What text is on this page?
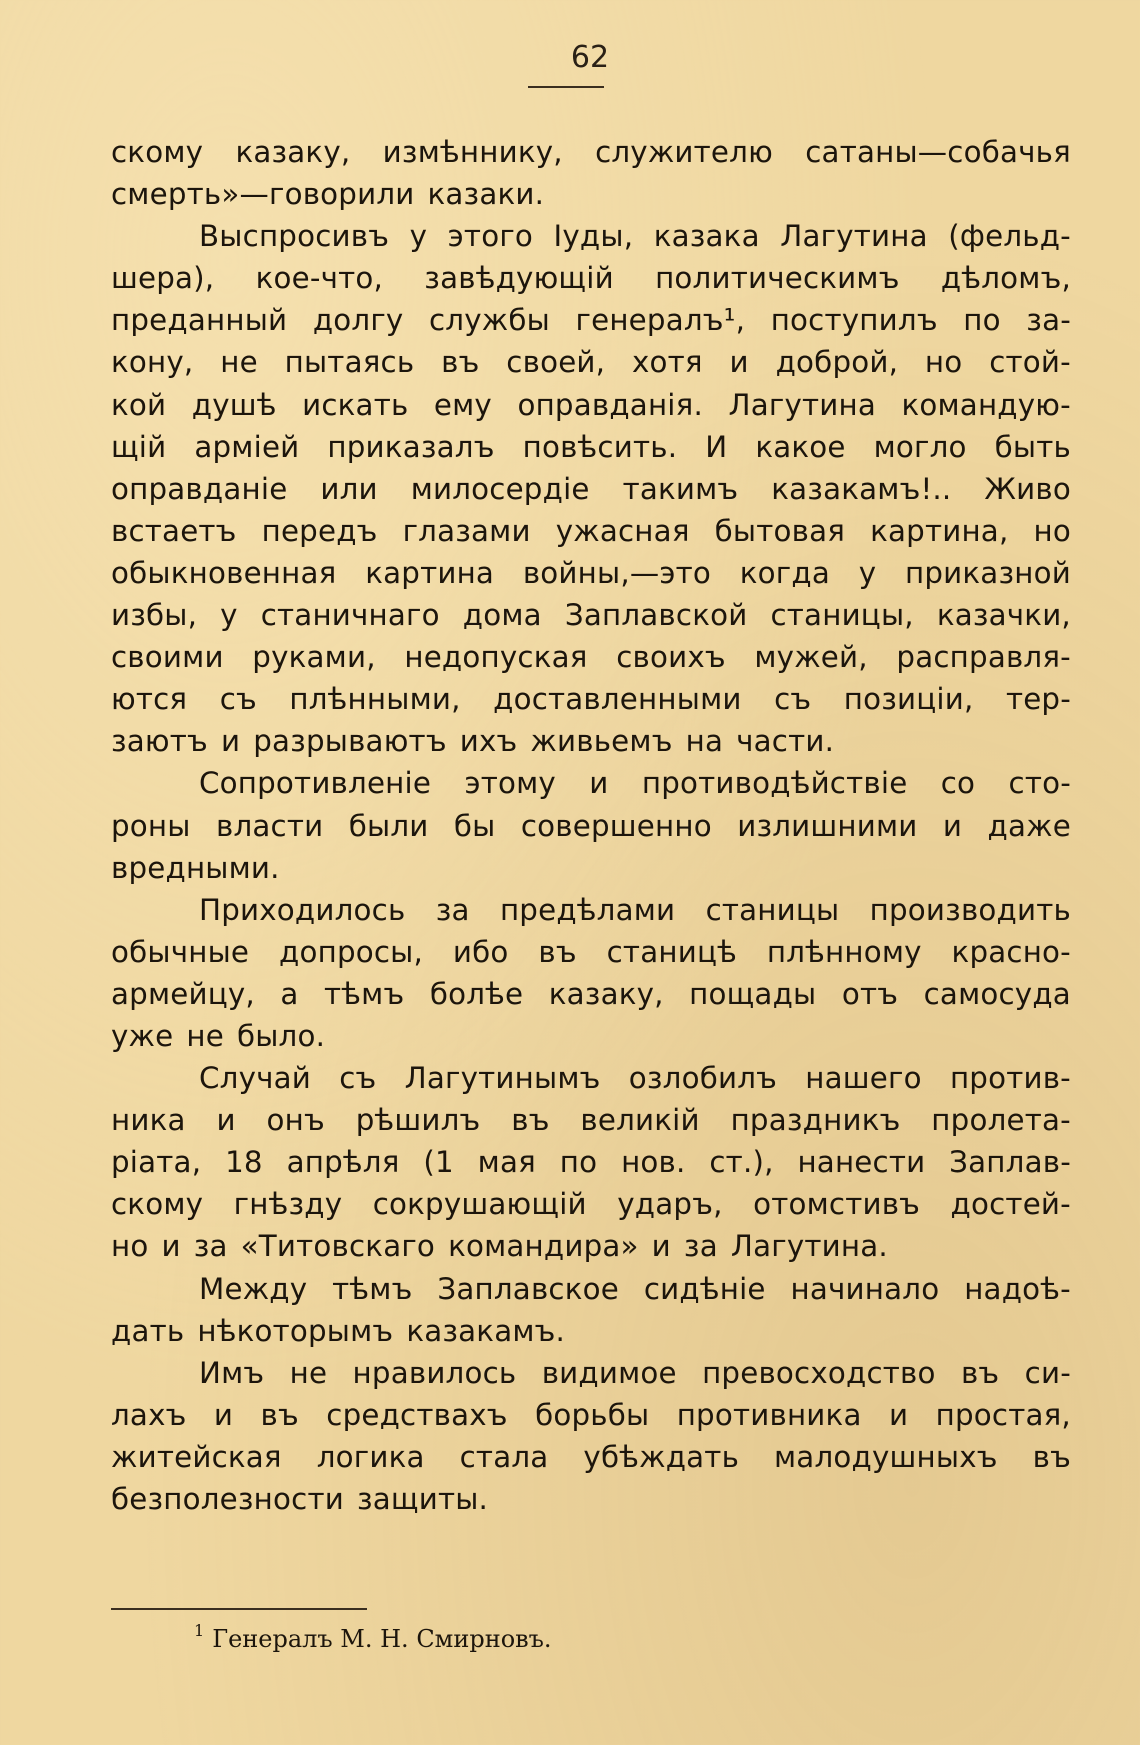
62
скому казаку, измѣннику, служителю сатаны—собачья
смерть»—говорили казаки.
Выспросивъ у этого Іуды, казака Лагутина (фельд-
шера), кое-что, завѣдующій политическимъ дѣломъ,
преданный долгу службы генералъ¹, поступилъ по за-
кону, не пытаясь въ своей, хотя и доброй, но стой-
кой душѣ искать ему оправданія. Лагутина командую-
щій арміей приказалъ повѣсить. И какое могло быть
оправданіе или милосердіе такимъ казакамъ!.. Живо
встаетъ передъ глазами ужасная бытовая картина, но
обыкновенная картина войны,—это когда у приказной
избы, у станичнаго дома Заплавской станицы, казачки,
своими руками, недопуская своихъ мужей, расправля-
ются съ плѣнными, доставленными съ позиціи, тер-
заютъ и разрываютъ ихъ живьемъ на части.
Сопротивленіе этому и противодѣйствіе со сто-
роны власти были бы совершенно излишними и даже
вредными.
Приходилось за предѣлами станицы производить
обычные допросы, ибо въ станицѣ плѣнному красно-
армейцу, а тѣмъ болѣе казаку, пощады отъ самосуда
уже не было.
Случай съ Лагутинымъ озлобилъ нашего против-
ника и онъ рѣшилъ въ великій праздникъ пролета-
ріата, 18 апрѣля (1 мая по нов. ст.), нанести Заплав-
скому гнѣзду сокрушающій ударъ, отомстивъ достей-
но и за «Титовскаго командира» и за Лагутина.
Между тѣмъ Заплавское сидѣніе начинало надоѣ-
дать нѣкоторымъ казакамъ.
Имъ не нравилось видимое превосходство въ си-
лахъ и въ средствахъ борьбы противника и простая,
житейская логика стала убѣждать малодушныхъ въ
безполезности защиты.
$^1$ Генералъ М. Н. Смирновъ.
